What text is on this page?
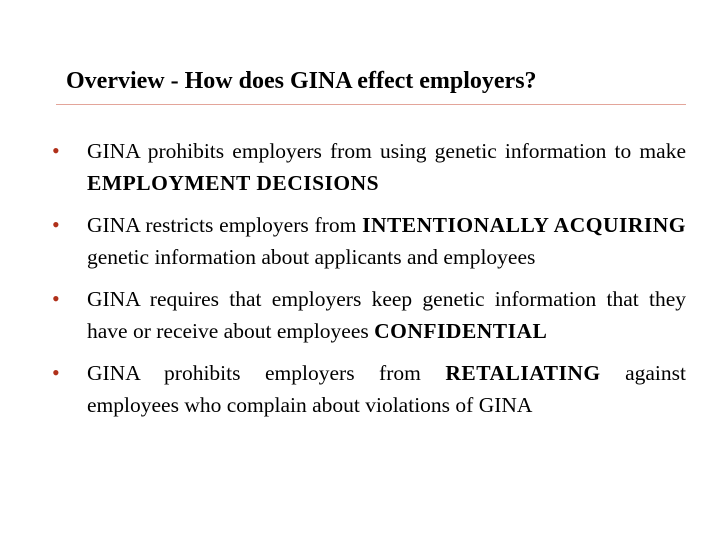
Overview - How does GINA effect employers?
• GINA prohibits employers from using genetic information to make EMPLOYMENT DECISIONS
• GINA restricts employers from INTENTIONALLY ACQUIRING genetic information about applicants and employees
• GINA requires that employers keep genetic information that they have or receive about employees CONFIDENTIAL
• GINA prohibits employers from RETALIATING against employees who complain about violations of GINA
